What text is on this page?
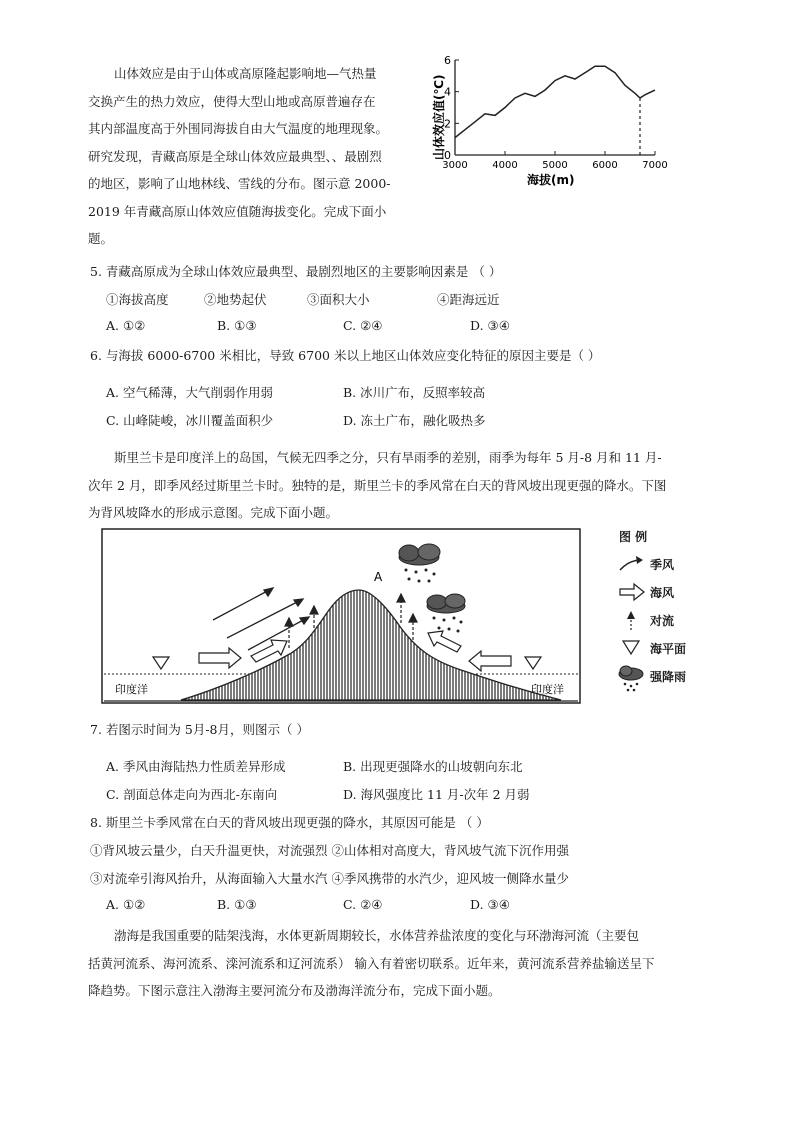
山体效应是由于山体或高原隆起影响地—气热量
交换产生的热力效应，使得大型山地或高原普遍存在
其内部温度高于外围同海拔自由大气温度的地理现象。
研究发现，青藏高原是全球山体效应最典型、、最剧烈
的地区，影响了山地林线、雪线的分布。图示意 2000-
2019 年青藏高原山体效应值随海拔变化。完成下面小
题。
山体效应值(℃)
0
2
4
6
3000 4000 5000 6000 7000
海拔(m)
5. 青藏高原成为全球山体效应最典型、最剧烈地区的主要影响因素是 （ ）
①海拔高度	②地势起伏	③面积大小	④距海远近
A. ①②	B. ①③	C. ②④	D. ③④
6. 与海拔 6000-6700 米相比，导致 6700 米以上地区山体效应变化特征的原因主要是（ ）
A. 空气稀薄，大气削弱作用弱	B. 冰川广布，反照率较高
C. 山峰陡峻，冰川覆盖面积少	D. 冻土广布，融化吸热多
斯里兰卡是印度洋上的岛国，气候无四季之分，只有旱雨季的差别，雨季为每年 5 月-8 月和 11 月-
次年 2 月，即季风经过斯里兰卡时。独特的是，斯里兰卡的季风常在白天的背风坡出现更强的降水。下图
为背风坡降水的形成示意图。完成下面小题。
印度洋	印度洋
A
图 例
季风
海风
对流
海平面
强降雨
7. 若图示时间为 5月-8月，则图示（ ）
A. 季风由海陆热力性质差异形成	B. 出现更强降水的山坡朝向东北
C. 剖面总体走向为西北-东南向	D. 海风强度比 11 月-次年 2 月弱
8. 斯里兰卡季风常在白天的背风坡出现更强的降水，其原因可能是 （ ）
①背风坡云量少，白天升温更快，对流强烈 ②山体相对高度大，背风坡气流下沉作用强
③对流牵引海风抬升，从海面输入大量水汽 ④季风携带的水汽少，迎风坡一侧降水量少
A. ①②	B. ①③	C. ②④	D. ③④
渤海是我国重要的陆架浅海，水体更新周期较长，水体营养盐浓度的变化与环渤海河流（主要包
括黄河流系、海河流系、滦河流系和辽河流系） 输入有着密切联系。近年来，黄河流系营养盐输送呈下
降趋势。下图示意注入渤海主要河流分布及渤海洋流分布，完成下面小题。
